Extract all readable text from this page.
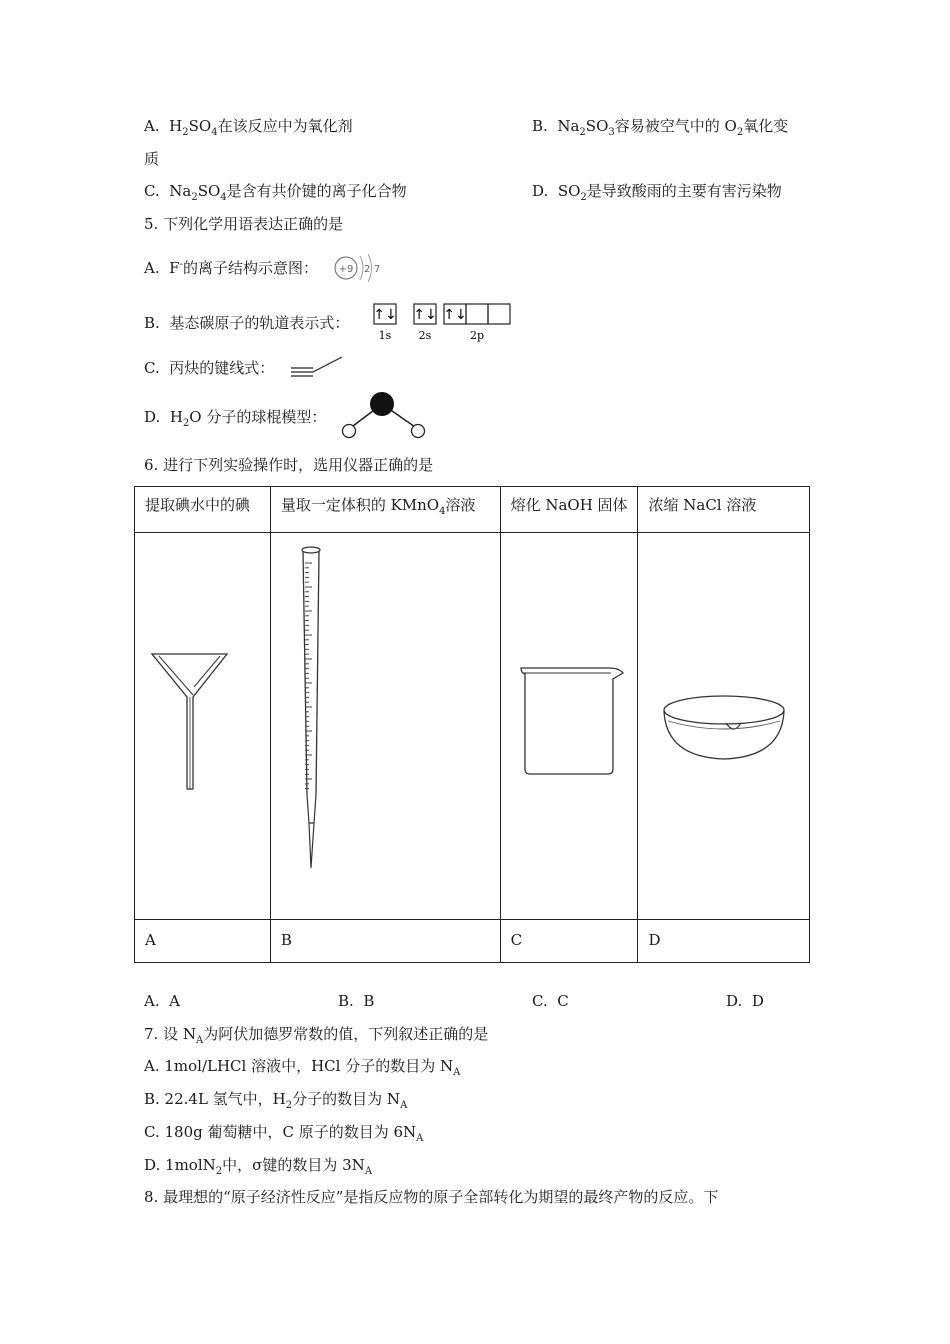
A. $H_2SO_4$在该反应中为氧化剂	B. $Na_2SO_3$容易被空气中的 $O_2$氧化变
质
C. $Na_2SO_4$是含有共价键的离子化合物	D. $SO_2$是导致酸雨的主要有害污染物
5. 下列化学用语表达正确的是
A. F-的离子结构示意图： +9 2 7
B. 基态碳原子的轨道表示式： ↑↓ ↑↓ ↑↓
1s 2s	2p
C. 丙炔的键线式：
D. $H_2O$ 分子的球棍模型：
6. 进行下列实验操作时，选用仪器正确的是
提取碘水中的碘	量取一定体积的 KMnO$_4$溶液	熔化 NaOH 固体	浓缩 NaCl 溶液

A	B	C	D
A. A	B. B	C. C	D. D
7. 设 $N_A$为阿伏加德罗常数的值，下列叙述正确的是
A. 1mol/LHCl 溶液中，HCl 分子的数目为 $N_A$
B. 22.4L 氢气中，$H_2$分子的数目为 $N_A$
C. 180g 葡萄糖中，C 原子的数目为 $6N_A$
D. 1molN$_2$中，σ键的数目为 $3N_A$
8. 最理想的“原子经济性反应”是指反应物的原子全部转化为期望的最终产物的反应。下
